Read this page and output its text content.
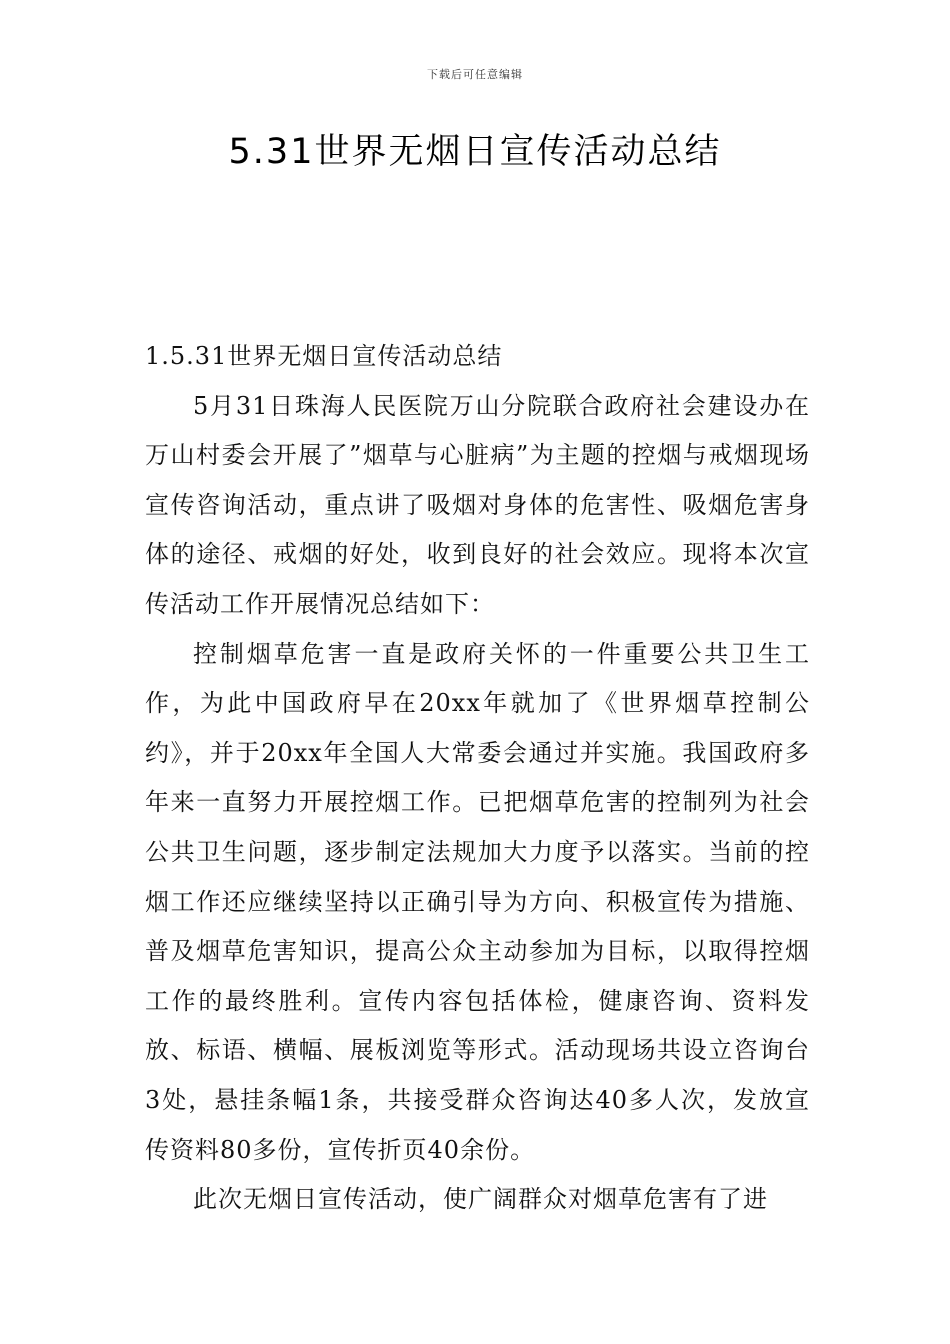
下载后可任意编辑
5.31世界无烟日宣传活动总结
1.5.31世界无烟日宣传活动总结

5月31日珠海人民医院万山分院联合政府社会建设办在万山村委会开展了”烟草与心脏病”为主题的控烟与戒烟现场宣传咨询活动，重点讲了吸烟对身体的危害性、吸烟危害身体的途径、戒烟的好处，收到良好的社会效应。现将本次宣传活动工作开展情况总结如下：

控制烟草危害一直是政府关怀的一件重要公共卫生工作，为此中国政府早在20xx年就加了《世界烟草控制公约》，并于20xx年全国人大常委会通过并实施。我国政府多年来一直努力开展控烟工作。已把烟草危害的控制列为社会公共卫生问题，逐步制定法规加大力度予以落实。当前的控烟工作还应继续坚持以正确引导为方向、积极宣传为措施、普及烟草危害知识，提高公众主动参加为目标，以取得控烟工作的最终胜利。宣传内容包括体检，健康咨询、资料发放、标语、横幅、展板浏览等形式。活动现场共设立咨询台3处，悬挂条幅1条，共接受群众咨询达40多人次，发放宣传资料80多份，宣传折页40余份。

此次无烟日宣传活动，使广阔群众对烟草危害有了进
